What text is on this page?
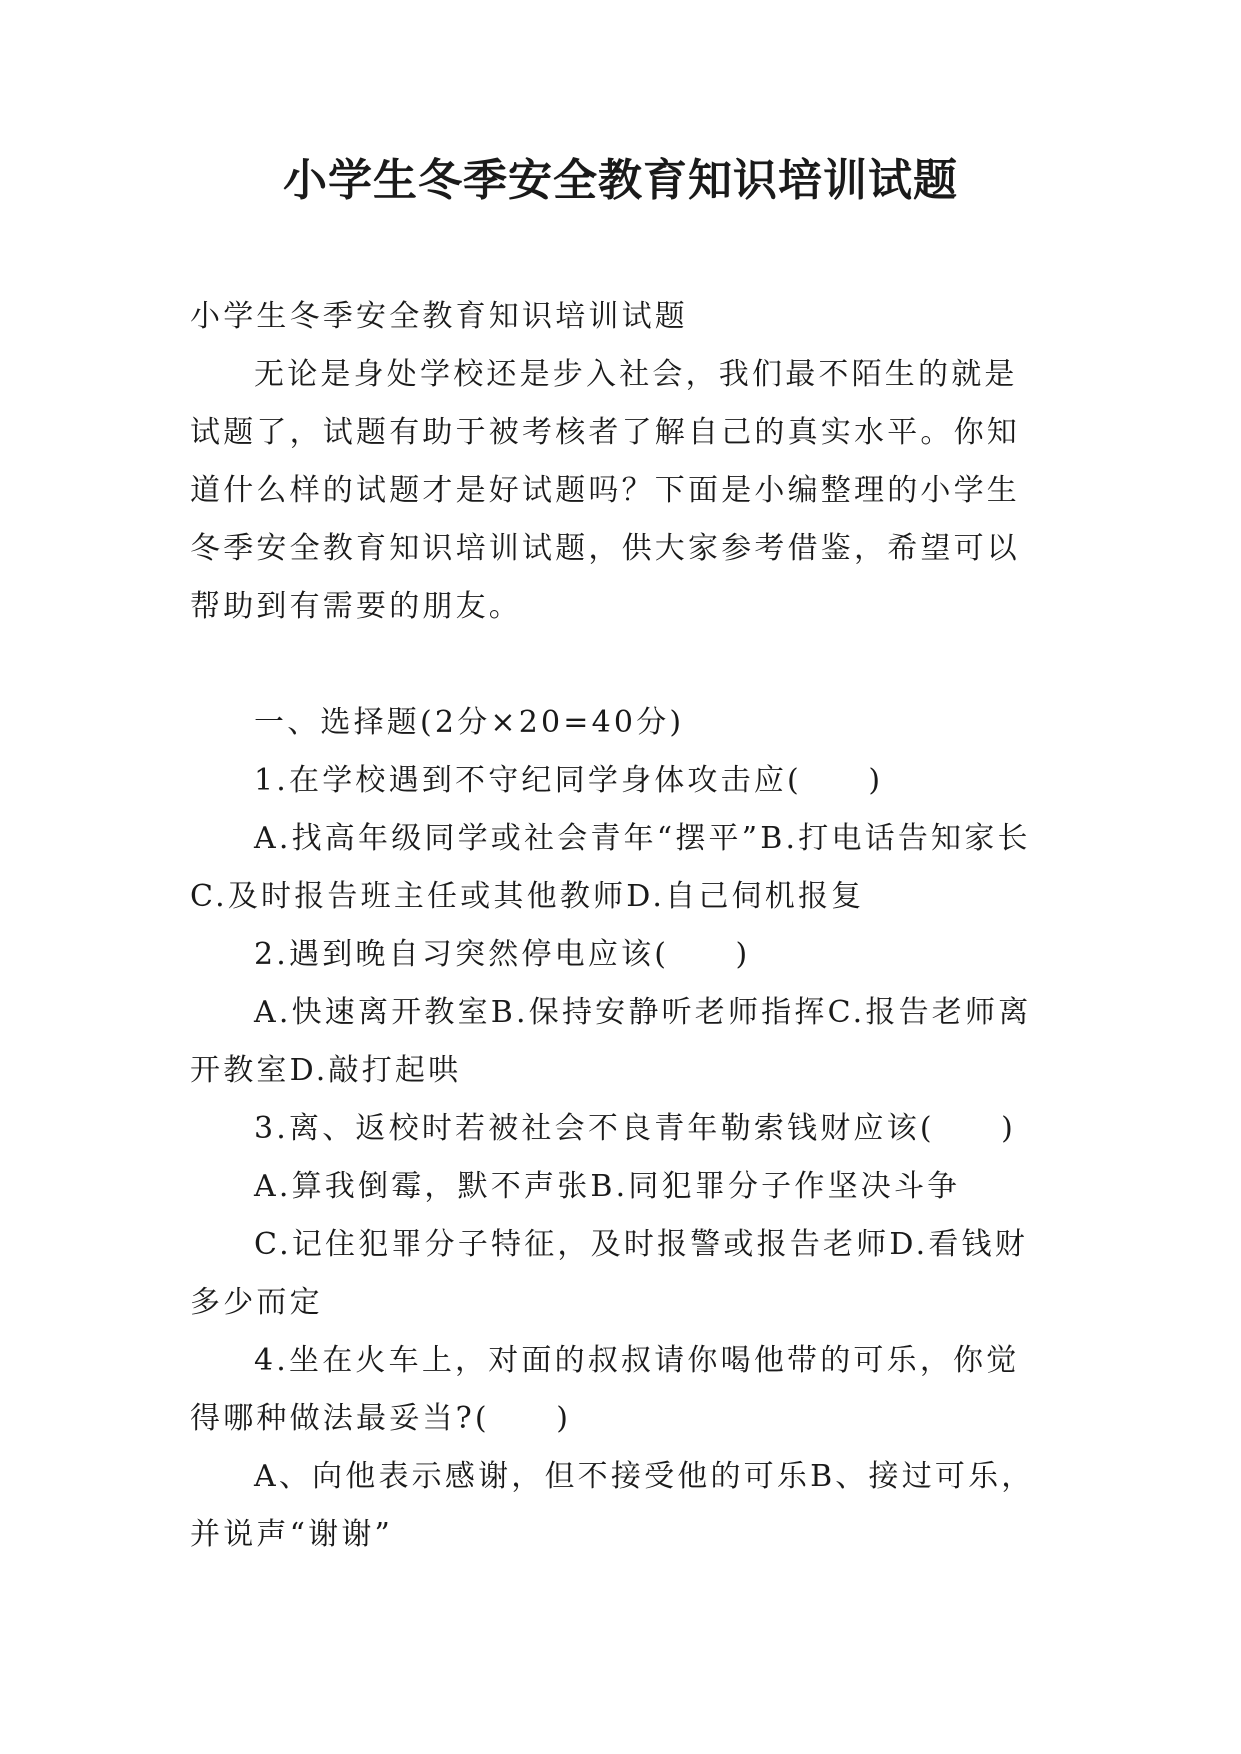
小学生冬季安全教育知识培训试题

小学生冬季安全教育知识培训试题

无论是身处学校还是步入社会，我们最不陌生的就是试题了，试题有助于被考核者了解自己的真实水平。你知道什么样的试题才是好试题吗？下面是小编整理的小学生冬季安全教育知识培训试题，供大家参考借鉴，希望可以帮助到有需要的朋友。

一、选择题(2分×20=40分)

1.在学校遇到不守纪同学身体攻击应(　　)

A.找高年级同学或社会青年“摆平”B.打电话告知家长C.及时报告班主任或其他教师D.自己伺机报复

2.遇到晚自习突然停电应该(　　)

A.快速离开教室B.保持安静听老师指挥C.报告老师离开教室D.敲打起哄

3.离、返校时若被社会不良青年勒索钱财应该(　　)

A.算我倒霉，默不声张B.同犯罪分子作坚决斗争

C.记住犯罪分子特征，及时报警或报告老师D.看钱财多少而定

4.坐在火车上，对面的叔叔请你喝他带的可乐，你觉得哪种做法最妥当?(　　)

A、向他表示感谢，但不接受他的可乐B、接过可乐，并说声“谢谢”
